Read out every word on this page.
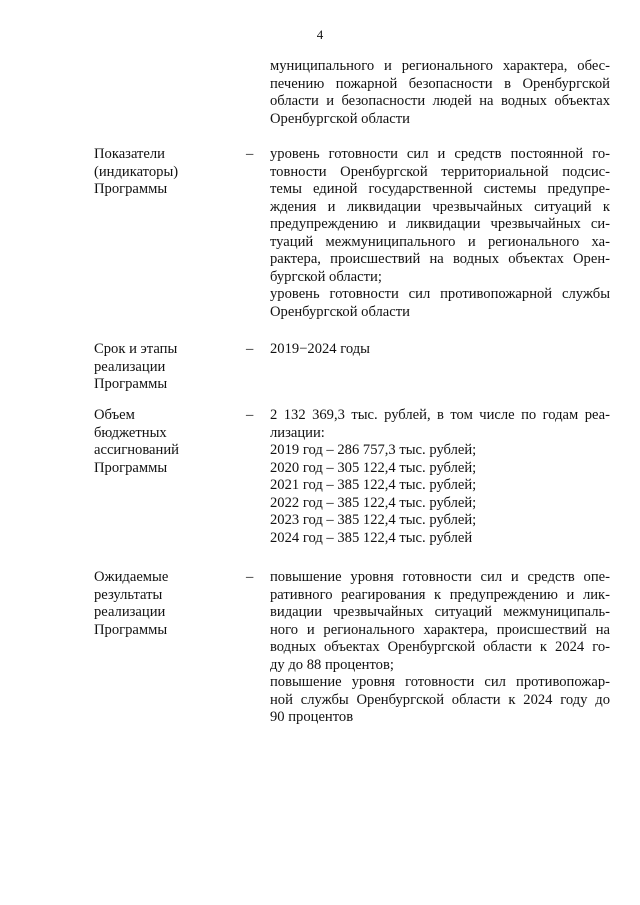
4
муниципального и регионального характера, обес-
печению пожарной безопасности в Оренбургской
области и безопасности людей на водных объектах
Оренбургской области
Показатели
(индикаторы)
Программы
–	уровень готовности сил и средств постоянной го-
товности Оренбургской территориальной подсис-
темы единой государственной системы предупре-
ждения и ликвидации чрезвычайных ситуаций к
предупреждению и ликвидации чрезвычайных си-
туаций межмуниципального и регионального ха-
рактера, происшествий на водных объектах Орен-
бургской области;
уровень готовности сил противопожарной службы
Оренбургской области
Срок и этапы
реализации
Программы
–	2019−2024 годы
Объем
бюджетных
ассигнований
Программы
–	2 132 369,3 тыс. рублей, в том числе по годам реа-
лизации:
2019 год – 286 757,3 тыс. рублей;
2020 год – 305 122,4 тыс. рублей;
2021 год – 385 122,4 тыс. рублей;
2022 год – 385 122,4 тыс. рублей;
2023 год – 385 122,4 тыс. рублей;
2024 год – 385 122,4 тыс. рублей
Ожидаемые
результаты
реализации
Программы
–	повышение уровня готовности сил и средств опе-
ративного реагирования к предупреждению и лик-
видации чрезвычайных ситуаций межмуниципаль-
ного и регионального характера, происшествий на
водных объектах Оренбургской области к 2024 го-
ду до 88 процентов;
повышение уровня готовности сил противопожар-
ной службы Оренбургской области к 2024 году до
90 процентов
